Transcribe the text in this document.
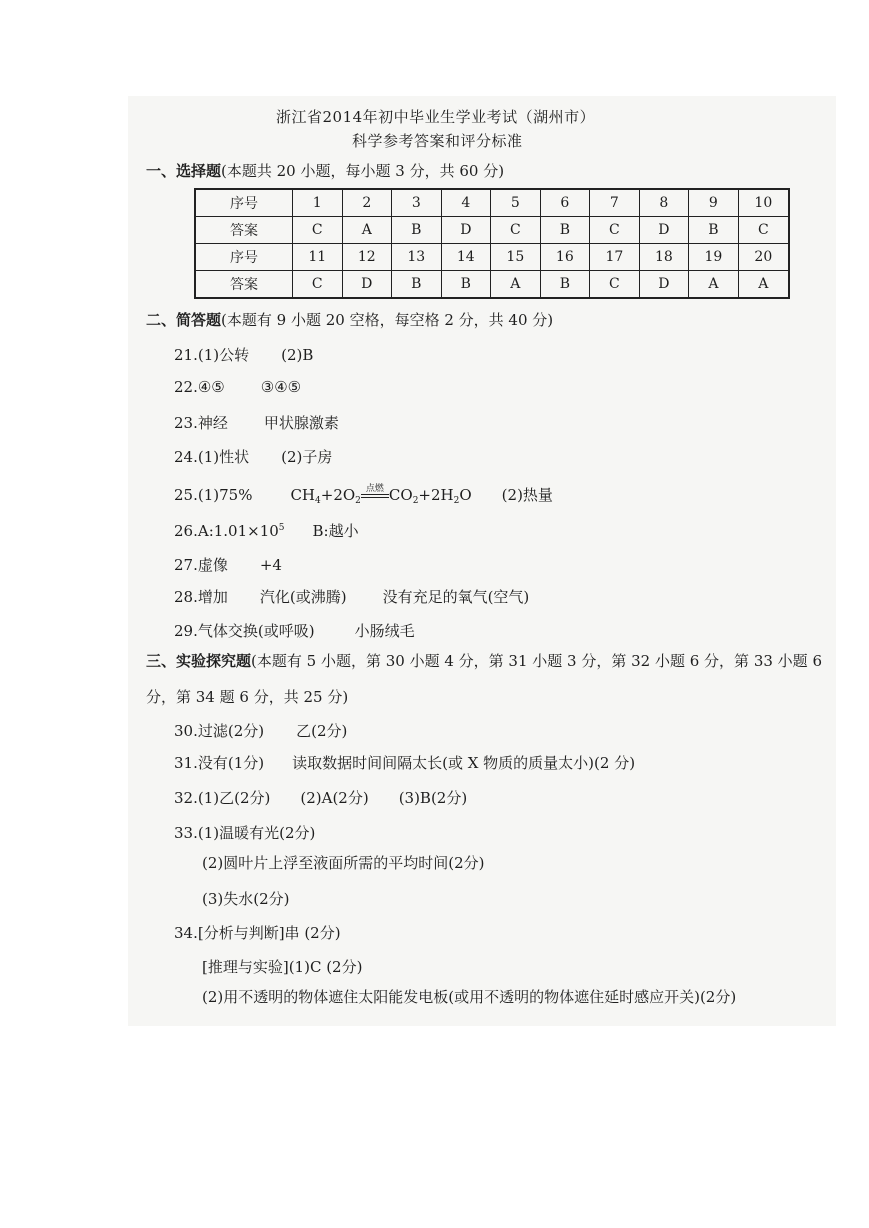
浙江省2014年初中毕业生学业考试（湖州市）
科学参考答案和评分标准
一、选择题(本题共 20 小题，每小题 3 分，共 60 分)
序号	1	2	3	4	5	6	7	8	9	10
答案	C	A	B	D	C	B	C	D	B	C
序号	11	12	13	14	15	16	17	18	19	20
答案	C	D	B	B	A	B	C	D	A	A
二、简答题(本题有 9 小题 20 空格，每空格 2 分，共 40 分)
21.(1)公转 (2)B
22.④⑤ ③④⑤
23.神经 甲状腺激素
24.(1)性状 (2)子房
25.(1)75%	$CH_4+2O_2$
点燃 $CO_2+2H_2O$ (2)热量
$26.A:1.01\times 10^5$ B:越小
27.虚像 +4
28.增加 汽化(或沸腾) 没有充足的氧气(空气)
29.气体交换(或呼吸)	小肠绒毛
三、实验探究题(本题有 5 小题，第 30 小题 4 分，第 31 小题 3 分，第 32 小题 6 分，第 33 小题 6
分，第 34 题 6 分，共 25 分)
30.过滤(2分) 乙(2分)
31.没有(1分) 读取数据时间间隔太长(或 X 物质的质量太小)(2 分)
32.(1)乙(2分) (2)A(2分) (3)B(2分)
33.(1)温暖有光(2分)
(2)圆叶片上浮至液面所需的平均时间(2分)
(3)失水(2分)
34.[分析与判断]串 (2分)
[推理与实验](1)C (2分)
(2)用不透明的物体遮住太阳能发电板(或用不透明的物体遮住延时感应开关)(2分)
